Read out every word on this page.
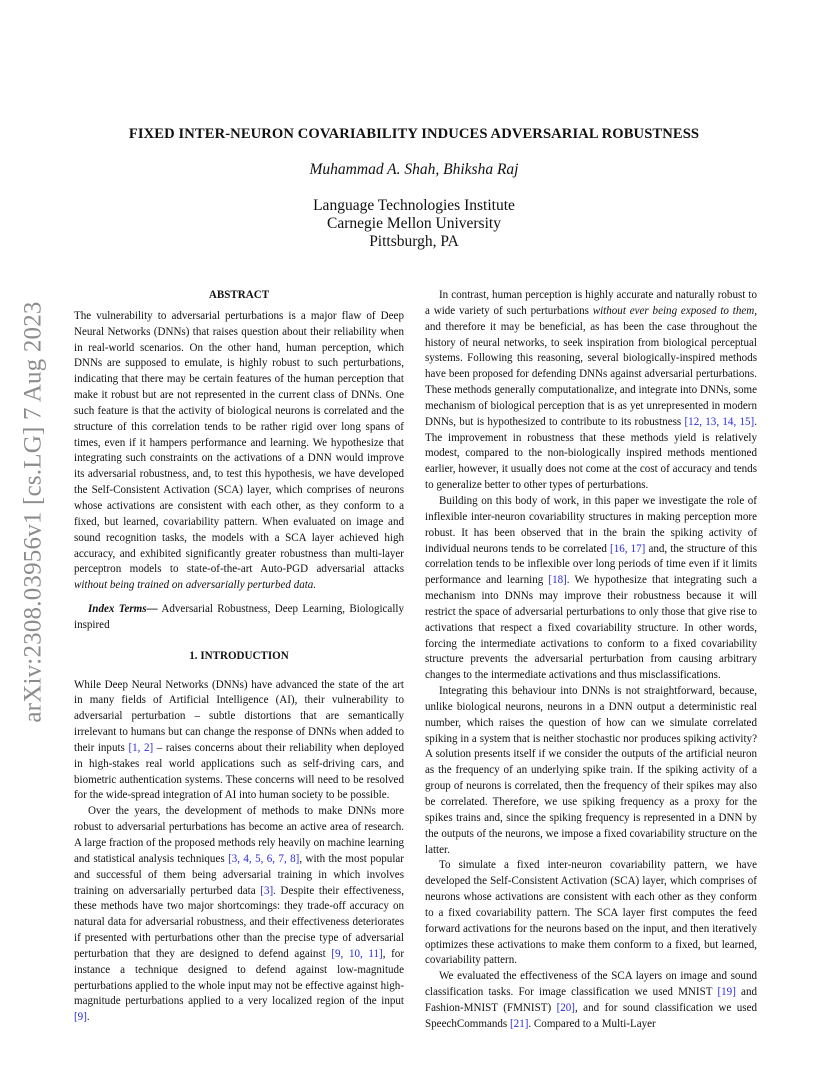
arXiv:2308.03956v1 [cs.LG] 7 Aug 2023
FIXED INTER-NEURON COVARIABILITY INDUCES ADVERSARIAL ROBUSTNESS
Muhammad A. Shah, Bhiksha Raj
Language Technologies Institute
Carnegie Mellon University
Pittsburgh, PA
ABSTRACT

The vulnerability to adversarial perturbations is a major flaw of Deep Neural Networks (DNNs) that raises question about their reliability when in real-world scenarios. On the other hand, human perception, which DNNs are supposed to emulate, is highly robust to such perturbations, indicating that there may be certain features of the human perception that make it robust but are not represented in the current class of DNNs. One such feature is that the activity of biological neurons is correlated and the structure of this correlation tends to be rather rigid over long spans of times, even if it hampers performance and learning. We hypothesize that integrating such constraints on the activations of a DNN would improve its adversarial robustness, and, to test this hypothesis, we have developed the Self-Consistent Activation (SCA) layer, which comprises of neurons whose activations are consistent with each other, as they conform to a fixed, but learned, covariability pattern. When evaluated on image and sound recognition tasks, the models with a SCA layer achieved high accuracy, and exhibited significantly greater robustness than multi-layer perceptron models to state-of-the-art Auto-PGD adversarial attacks without being trained on adversarially perturbed data.

Index Terms— Adversarial Robustness, Deep Learning, Biologically inspired

1. INTRODUCTION

While Deep Neural Networks (DNNs) have advanced the state of the art in many fields of Artificial Intelligence (AI), their vulnerability to adversarial perturbation – subtle distortions that are semantically irrelevant to humans but can change the response of DNNs when added to their inputs [1, 2] – raises concerns about their reliability when deployed in high-stakes real world applications such as self-driving cars, and biometric authentication systems. These concerns will need to be resolved for the wide-spread integration of AI into human society to be possible.

Over the years, the development of methods to make DNNs more robust to adversarial perturbations has become an active area of research. A large fraction of the proposed methods rely heavily on machine learning and statistical analysis techniques [3, 4, 5, 6, 7, 8], with the most popular and successful of them being adversarial training in which involves training on adversarially perturbed data [3]. Despite their effectiveness, these methods have two major shortcomings: they trade-off accuracy on natural data for adversarial robustness, and their effectiveness deteriorates if presented with perturbations other than the precise type of adversarial perturbation that they are designed to defend against [9, 10, 11], for instance a technique designed to defend against low-magnitude perturbations applied to the whole input may not be effective against high-magnitude perturbations applied to a very localized region of the input [9].

In contrast, human perception is highly accurate and naturally robust to a wide variety of such perturbations without ever being exposed to them, and therefore it may be beneficial, as has been the case throughout the history of neural networks, to seek inspiration from biological perceptual systems. Following this reasoning, several biologically-inspired methods have been proposed for defending DNNs against adversarial perturbations. These methods generally computationalize, and integrate into DNNs, some mechanism of biological perception that is as yet unrepresented in modern DNNs, but is hypothesized to contribute to its robustness [12, 13, 14, 15]. The improvement in robustness that these methods yield is relatively modest, compared to the non-biologically inspired methods mentioned earlier, however, it usually does not come at the cost of accuracy and tends to generalize better to other types of perturbations.

Building on this body of work, in this paper we investigate the role of inflexible inter-neuron covariability structures in making perception more robust. It has been observed that in the brain the spiking activity of individual neurons tends to be correlated [16, 17] and, the structure of this correlation tends to be inflexible over long periods of time even if it limits performance and learning [18]. We hypothesize that integrating such a mechanism into DNNs may improve their robustness because it will restrict the space of adversarial perturbations to only those that give rise to activations that respect a fixed covariability structure. In other words, forcing the intermediate activations to conform to a fixed covariability structure prevents the adversarial perturbation from causing arbitrary changes to the intermediate activations and thus misclassifications.

Integrating this behaviour into DNNs is not straightforward, because, unlike biological neurons, neurons in a DNN output a deterministic real number, which raises the question of how can we simulate correlated spiking in a system that is neither stochastic nor produces spiking activity? A solution presents itself if we consider the outputs of the artificial neuron as the frequency of an underlying spike train. If the spiking activity of a group of neurons is correlated, then the frequency of their spikes may also be correlated. Therefore, we use spiking frequency as a proxy for the spikes trains and, since the spiking frequency is represented in a DNN by the outputs of the neurons, we impose a fixed covariability structure on the latter.

To simulate a fixed inter-neuron covariability pattern, we have developed the Self-Consistent Activation (SCA) layer, which comprises of neurons whose activations are consistent with each other as they conform to a fixed covariability pattern. The SCA layer first computes the feed forward activations for the neurons based on the input, and then iteratively optimizes these activations to make them conform to a fixed, but learned, covariability pattern.

We evaluated the effectiveness of the SCA layers on image and sound classification tasks. For image classification we used MNIST [19] and Fashion-MNIST (FMNIST) [20], and for sound classification we used SpeechCommands [21]. Compared to a Multi-Layer
